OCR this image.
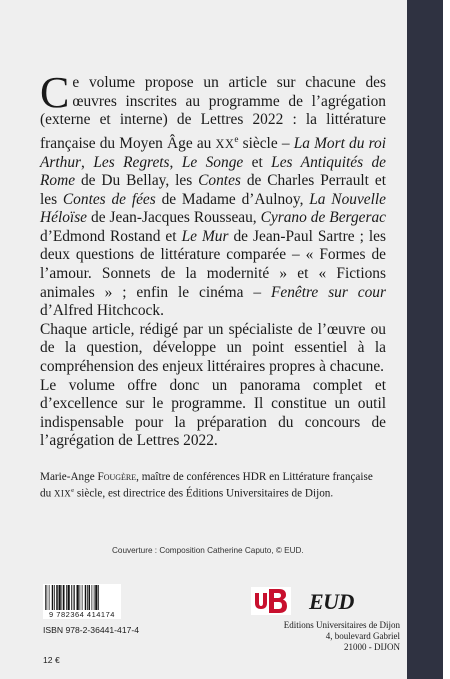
Ce volume propose un article sur chacune des œuvres inscrites au programme de l’agrégation (externe et interne) de Lettres 2022 : la littérature française du Moyen Âge au XXe siècle – La Mort du roi Arthur, Les Regrets, Le Songe et Les Antiquités de Rome de Du Bellay, les Contes de Charles Perrault et les Contes de fées de Madame d’Aulnoy, La Nouvelle Héloïse de Jean-Jacques Rousseau, Cyrano de Bergerac d’Edmond Rostand et Le Mur de Jean-Paul Sartre ; les deux questions de littérature comparée – « Formes de l’amour. Sonnets de la modernité » et « Fictions animales » ; enfin le cinéma – Fenêtre sur cour d’Alfred Hitchcock.

Chaque article, rédigé par un spécialiste de l’œuvre ou de la question, développe un point essentiel à la compréhension des enjeux littéraires propres à chacune.

Le volume offre donc un panorama complet et d’excellence sur le programme. Il constitue un outil indispensable pour la préparation du concours de l’agrégation de Lettres 2022.

Marie-Ange Fougère, maître de conférences HDR en Littérature française du XIXe siècle, est directrice des Éditions Universitaires de Dijon.
Couverture : Composition Catherine Caputo, © EUD.
9 782364 414174
ISBN 978-2-36441-417-4
12 €
EUD
Editions Universitaires de Dijon
4, boulevard Gabriel
21000 - DIJON
